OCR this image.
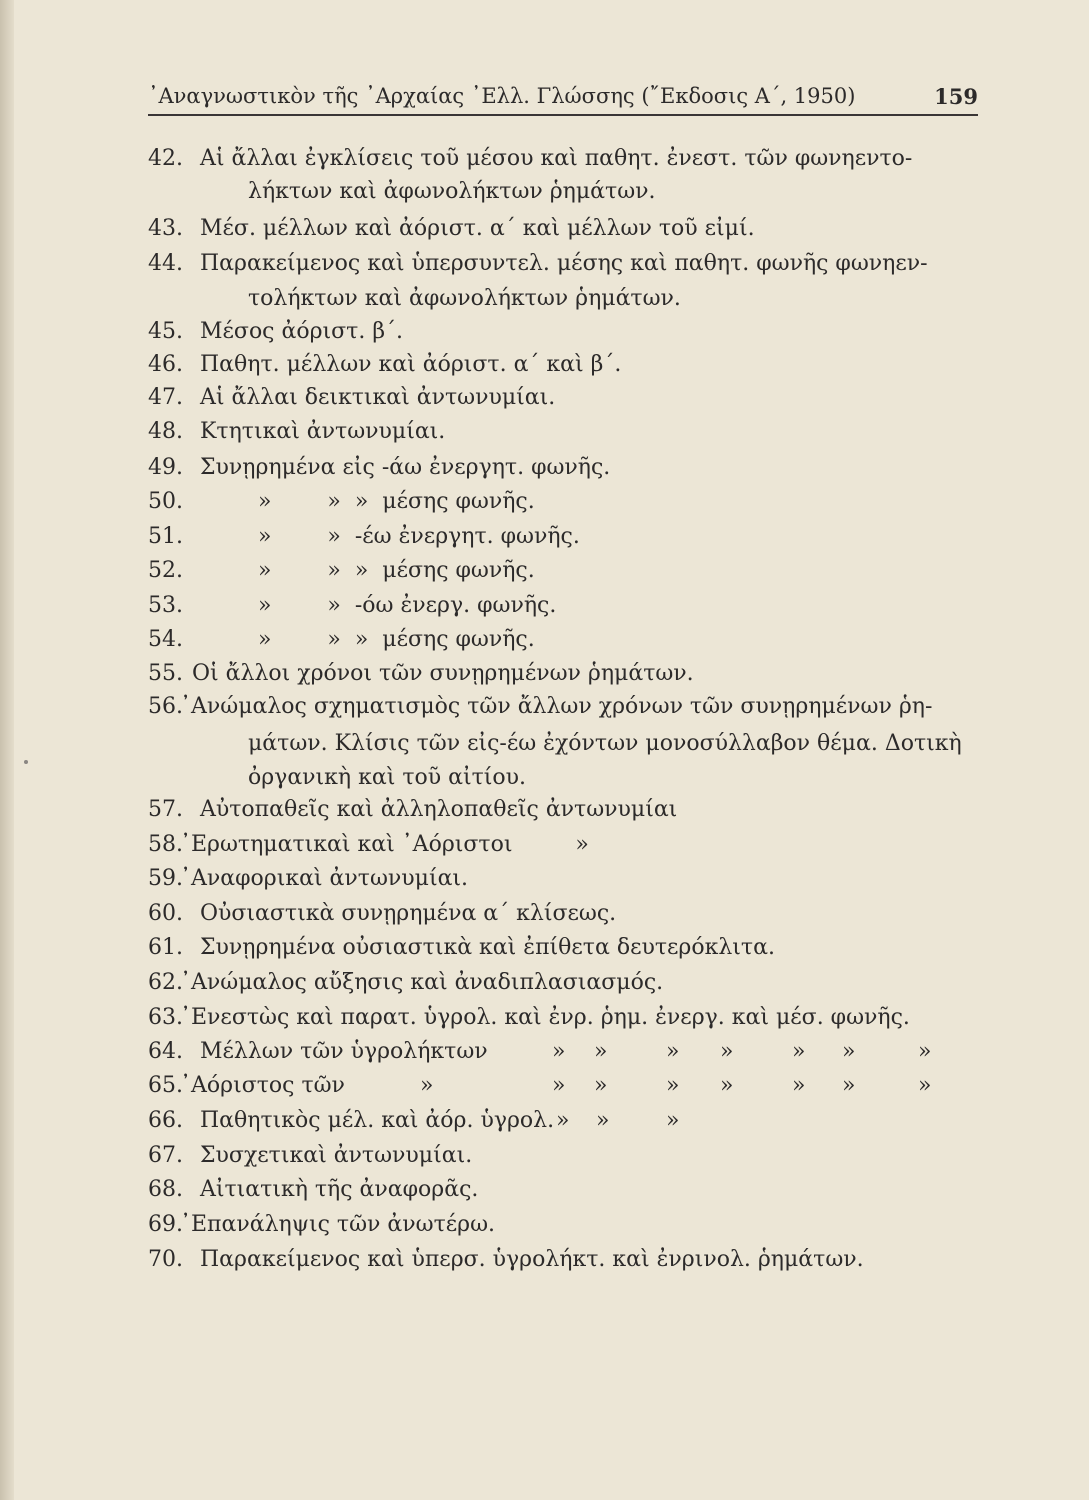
᾿Αναγνωστικὸν τῆς ᾿Αρχαίας ᾿Ελλ. Γλώσσης (῎Εκδοσις Α΄, 1950)	159
42. Αἱ ἄλλαι ἐγκλίσεις τοῦ μέσου καὶ παθητ. ἐνεστ. τῶν φωνηεντο-
λήκτων καὶ ἀφωνολήκτων ῥημάτων.
43. Μέσ. μέλλων καὶ ἀόριστ. α΄ καὶ μέλλων τοῦ εἰμί.
44. Παρακείμενος καὶ ὑπερσυντελ. μέσης καὶ παθητ. φωνῆς φωνηεν-
τολήκτων καὶ ἀφωνολήκτων ῥημάτων.
45. Μέσος ἀόριστ. β΄.
46. Παθητ. μέλλων καὶ ἀόριστ. α΄ καὶ β΄.
47. Αἱ ἄλλαι δεικτικαὶ ἀντωνυμίαι.
48. Κτητικαὶ ἀντωνυμίαι.
49. Συνῃρημένα εἰς -άω ἐνεργητ. φωνῆς.
50.	»        »  »  μέσης φωνῆς.
51.	»        »  -έω ἐνεργητ. φωνῆς.
52.	»        »  »  μέσης φωνῆς.
53.	»        »  -όω ἐνεργ. φωνῆς.
54.	»        »  »  μέσης φωνῆς.
55. Οἱ ἄλλοι χρόνοι τῶν συνῃρημένων ῥημάτων.
56.
᾿Ανώμαλος σχηματισμὸς τῶν ἄλλων χρόνων τῶν συνῃρημένων ῥη-
μάτων. Κλίσις τῶν εἰς-έω ἐχόντων μονοσύλλαβον θέμα. Δοτικὴ
ὀργανικὴ καὶ τοῦ αἰτίου.
57. Αὐτοπαθεῖς καὶ ἀλληλοπαθεῖς ἀντωνυμίαι
58.
᾿Ερωτηματικαὶ καὶ ᾿Αόριστοι         »
59.
᾿Αναφορικαὶ ἀντωνυμίαι.
60. Οὐσιαστικὰ συνῃρημένα α΄ κλίσεως.
61. Συνῃρημένα οὐσιαστικὰ καὶ ἐπίθετα δευτερόκλιτα.
62.
᾿Ανώμαλος αὔξησις καὶ ἀναδιπλασιασμός.
63.
᾿Ενεστὼς καὶ παρατ. ὑγρολ. καὶ ἐνρ. ῥημ. ἐνεργ. καὶ μέσ. φωνῆς.
64. Μέλλων τῶν ὑγρολήκτων	» »	» »	» »	»
65.
᾿Αόριστος τῶν	»	» »	» »	» »	»
66. Παθητικὸς μέλ. καὶ ἀόρ. ὑγρολ. » »	»
67. Συσχετικαὶ ἀντωνυμίαι.
68. Αἰτιατικὴ τῆς ἀναφορᾶς.
69.
᾿Επανάληψις τῶν ἀνωτέρω.
70. Παρακείμενος καὶ ὑπερσ. ὑγρολήκτ. καὶ ἐνρινολ. ῥημάτων.
